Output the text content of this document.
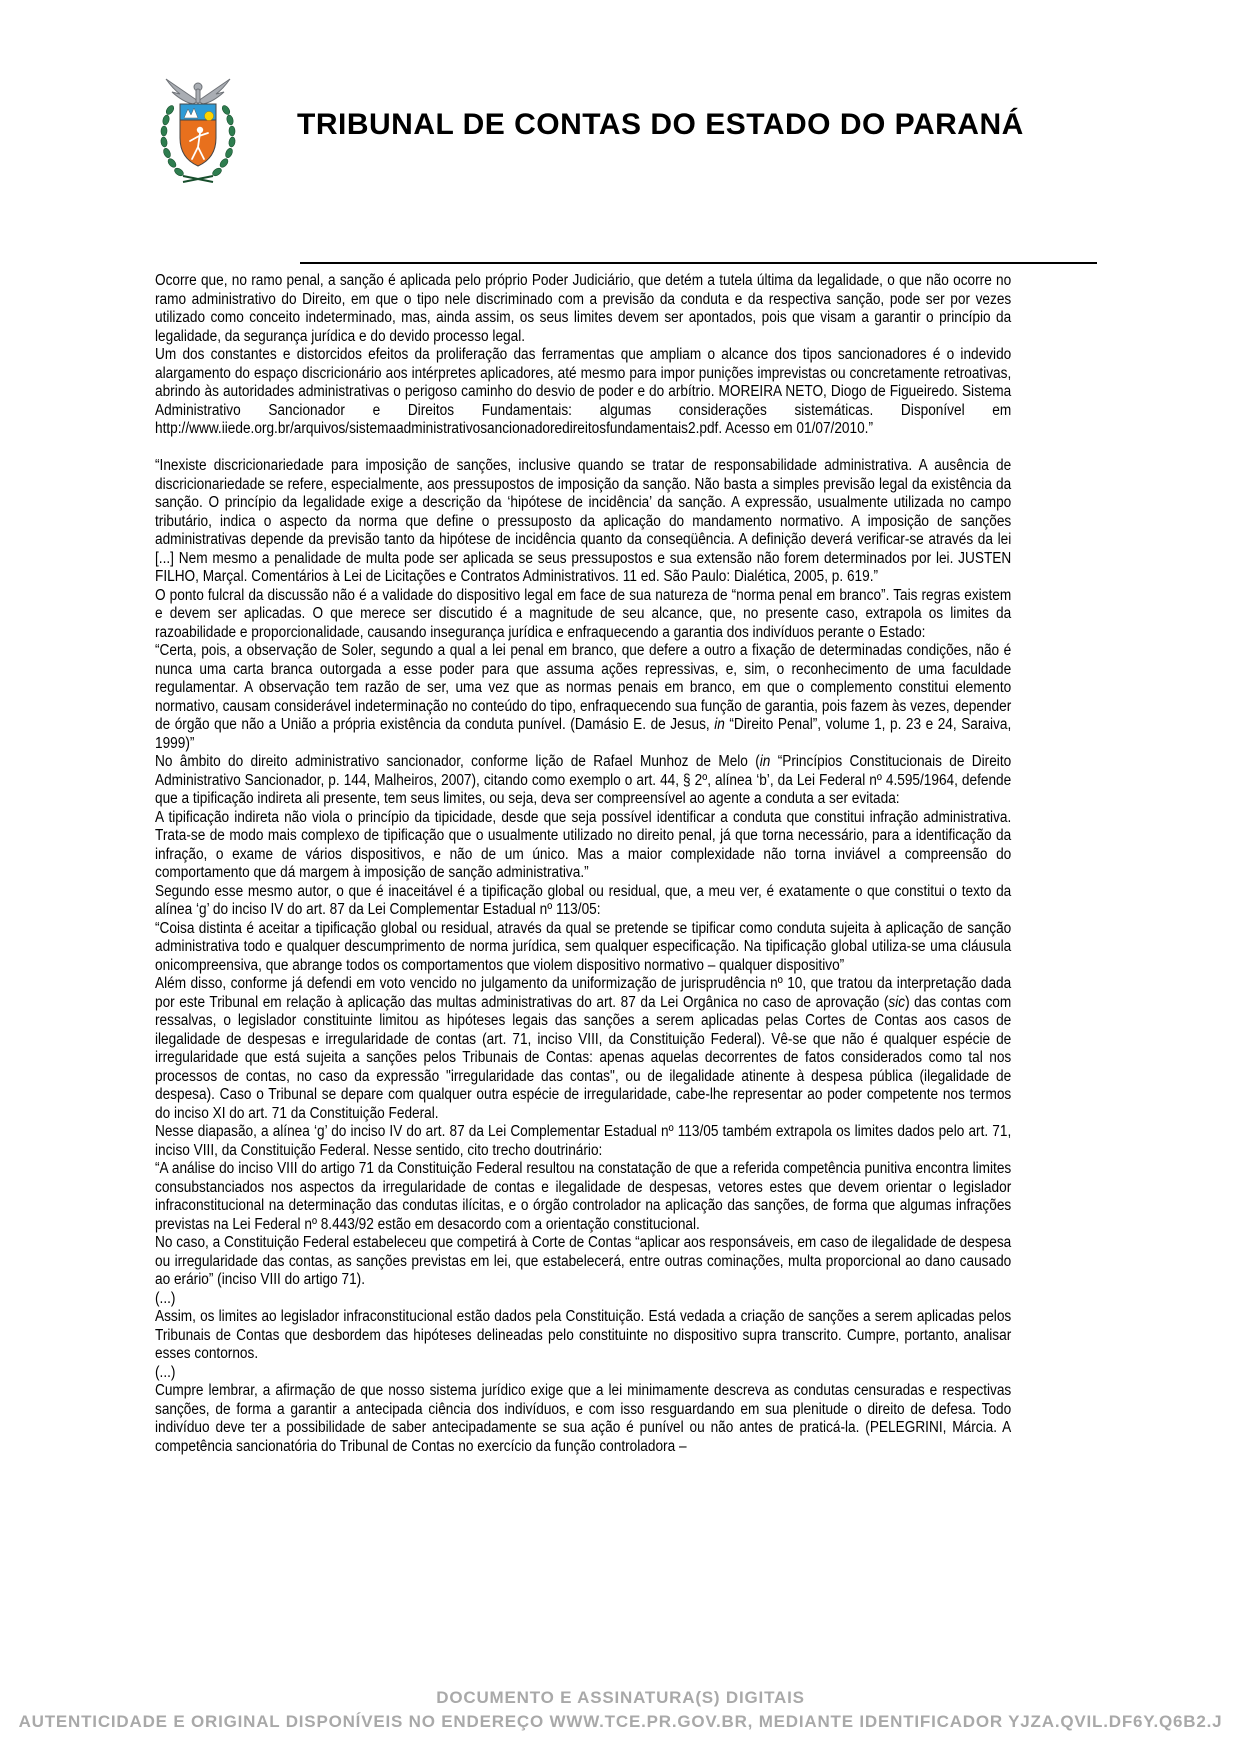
TRIBUNAL DE CONTAS DO ESTADO DO PARANÁ

Ocorre que, no ramo penal, a sanção é aplicada pelo próprio Poder Judiciário, que detém a tutela última da legalidade, o que não ocorre no ramo administrativo do Direito, em que o tipo nele discriminado com a previsão da conduta e da respectiva sanção, pode ser por vezes utilizado como conceito indeterminado, mas, ainda assim, os seus limites devem ser apontados, pois que visam a garantir o princípio da legalidade, da segurança jurídica e do devido processo legal.

Um dos constantes e distorcidos efeitos da proliferação das ferramentas que ampliam o alcance dos tipos sancionadores é o indevido alargamento do espaço discricionário aos intérpretes aplicadores, até mesmo para impor punições imprevistas ou concretamente retroativas, abrindo às autoridades administrativas o perigoso caminho do desvio de poder e do arbítrio. MOREIRA NETO, Diogo de Figueiredo. Sistema Administrativo Sancionador e Direitos Fundamentais: algumas considerações sistemáticas. Disponível em http://www.iiede.org.br/arquivos/sistemaadministrativosancionadoredireitosfundamentais2.pdf. Acesso em 01/07/2010.”

“Inexiste discricionariedade para imposição de sanções, inclusive quando se tratar de responsabilidade administrativa. A ausência de discricionariedade se refere, especialmente, aos pressupostos de imposição da sanção. Não basta a simples previsão legal da existência da sanção. O princípio da legalidade exige a descrição da ‘hipótese de incidência’ da sanção. A expressão, usualmente utilizada no campo tributário, indica o aspecto da norma que define o pressuposto da aplicação do mandamento normativo. A imposição de sanções administrativas depende da previsão tanto da hipótese de incidência quanto da conseqüência. A definição deverá verificar-se através da lei [...] Nem mesmo a penalidade de multa pode ser aplicada se seus pressupostos e sua extensão não forem determinados por lei. JUSTEN FILHO, Marçal. Comentários à Lei de Licitações e Contratos Administrativos. 11 ed. São Paulo: Dialética, 2005, p. 619.”

O ponto fulcral da discussão não é a validade do dispositivo legal em face de sua natureza de “norma penal em branco”. Tais regras existem e devem ser aplicadas. O que merece ser discutido é a magnitude de seu alcance, que, no presente caso, extrapola os limites da razoabilidade e proporcionalidade, causando insegurança jurídica e enfraquecendo a garantia dos indivíduos perante o Estado:

“Certa, pois, a observação de Soler, segundo a qual a lei penal em branco, que defere a outro a fixação de determinadas condições, não é nunca uma carta branca outorgada a esse poder para que assuma ações repressivas, e, sim, o reconhecimento de uma faculdade regulamentar. A observação tem razão de ser, uma vez que as normas penais em branco, em que o complemento constitui elemento normativo, causam considerável indeterminação no conteúdo do tipo, enfraquecendo sua função de garantia, pois fazem às vezes, depender de órgão que não a União a própria existência da conduta punível. (Damásio E. de Jesus, in “Direito Penal”, volume 1, p. 23 e 24, Saraiva, 1999)”

No âmbito do direito administrativo sancionador, conforme lição de Rafael Munhoz de Melo (in “Princípios Constitucionais de Direito Administrativo Sancionador, p. 144, Malheiros, 2007), citando como exemplo o art. 44, § 2º, alínea ‘b’, da Lei Federal nº 4.595/1964, defende que a tipificação indireta ali presente, tem seus limites, ou seja, deva ser compreensível ao agente a conduta a ser evitada:

A tipificação indireta não viola o princípio da tipicidade, desde que seja possível identificar a conduta que constitui infração administrativa. Trata-se de modo mais complexo de tipificação que o usualmente utilizado no direito penal, já que torna necessário, para a identificação da infração, o exame de vários dispositivos, e não de um único. Mas a maior complexidade não torna inviável a compreensão do comportamento que dá margem à imposição de sanção administrativa.”

Segundo esse mesmo autor, o que é inaceitável é a tipificação global ou residual, que, a meu ver, é exatamente o que constitui o texto da alínea ‘g’ do inciso IV do art. 87 da Lei Complementar Estadual nº 113/05:

“Coisa distinta é aceitar a tipificação global ou residual, através da qual se pretende se tipificar como conduta sujeita à aplicação de sanção administrativa todo e qualquer descumprimento de norma jurídica, sem qualquer especificação. Na tipificação global utiliza-se uma cláusula onicompreensiva, que abrange todos os comportamentos que violem dispositivo normativo – qualquer dispositivo”

Além disso, conforme já defendi em voto vencido no julgamento da uniformização de jurisprudência nº 10, que tratou da interpretação dada por este Tribunal em relação à aplicação das multas administrativas do art. 87 da Lei Orgânica no caso de aprovação (sic) das contas com ressalvas, o legislador constituinte limitou as hipóteses legais das sanções a serem aplicadas pelas Cortes de Contas aos casos de ilegalidade de despesas e irregularidade de contas (art. 71, inciso VIII, da Constituição Federal). Vê-se que não é qualquer espécie de irregularidade que está sujeita a sanções pelos Tribunais de Contas: apenas aquelas decorrentes de fatos considerados como tal nos processos de contas, no caso da expressão "irregularidade das contas", ou de ilegalidade atinente à despesa pública (ilegalidade de despesa). Caso o Tribunal se depare com qualquer outra espécie de irregularidade, cabe-lhe representar ao poder competente nos termos do inciso XI do art. 71 da Constituição Federal.

Nesse diapasão, a alínea ‘g’ do inciso IV do art. 87 da Lei Complementar Estadual nº 113/05 também extrapola os limites dados pelo art. 71, inciso VIII, da Constituição Federal. Nesse sentido, cito trecho doutrinário:

“A análise do inciso VIII do artigo 71 da Constituição Federal resultou na constatação de que a referida competência punitiva encontra limites consubstanciados nos aspectos da irregularidade de contas e ilegalidade de despesas, vetores estes que devem orientar o legislador infraconstitucional na determinação das condutas ilícitas, e o órgão controlador na aplicação das sanções, de forma que algumas infrações previstas na Lei Federal nº 8.443/92 estão em desacordo com a orientação constitucional.

No caso, a Constituição Federal estabeleceu que competirá à Corte de Contas “aplicar aos responsáveis, em caso de ilegalidade de despesa ou irregularidade das contas, as sanções previstas em lei, que estabelecerá, entre outras cominações, multa proporcional ao dano causado ao erário” (inciso VIII do artigo 71).

(...)

Assim, os limites ao legislador infraconstitucional estão dados pela Constituição. Está vedada a criação de sanções a serem aplicadas pelos Tribunais de Contas que desbordem das hipóteses delineadas pelo constituinte no dispositivo supra transcrito. Cumpre, portanto, analisar esses contornos.

(...)

Cumpre lembrar, a afirmação de que nosso sistema jurídico exige que a lei minimamente descreva as condutas censuradas e respectivas sanções, de forma a garantir a antecipada ciência dos indivíduos, e com isso resguardando em sua plenitude o direito de defesa. Todo indivíduo deve ter a possibilidade de saber antecipadamente se sua ação é punível ou não antes de praticá-la. (PELEGRINI, Márcia. A competência sancionatória do Tribunal de Contas no exercício da função controladora –

DOCUMENTO E ASSINATURA(S) DIGITAIS
AUTENTICIDADE E ORIGINAL DISPONÍVEIS NO ENDEREÇO WWW.TCE.PR.GOV.BR, MEDIANTE IDENTIFICADOR YJZA.QVIL.DF6Y.Q6B2.J
